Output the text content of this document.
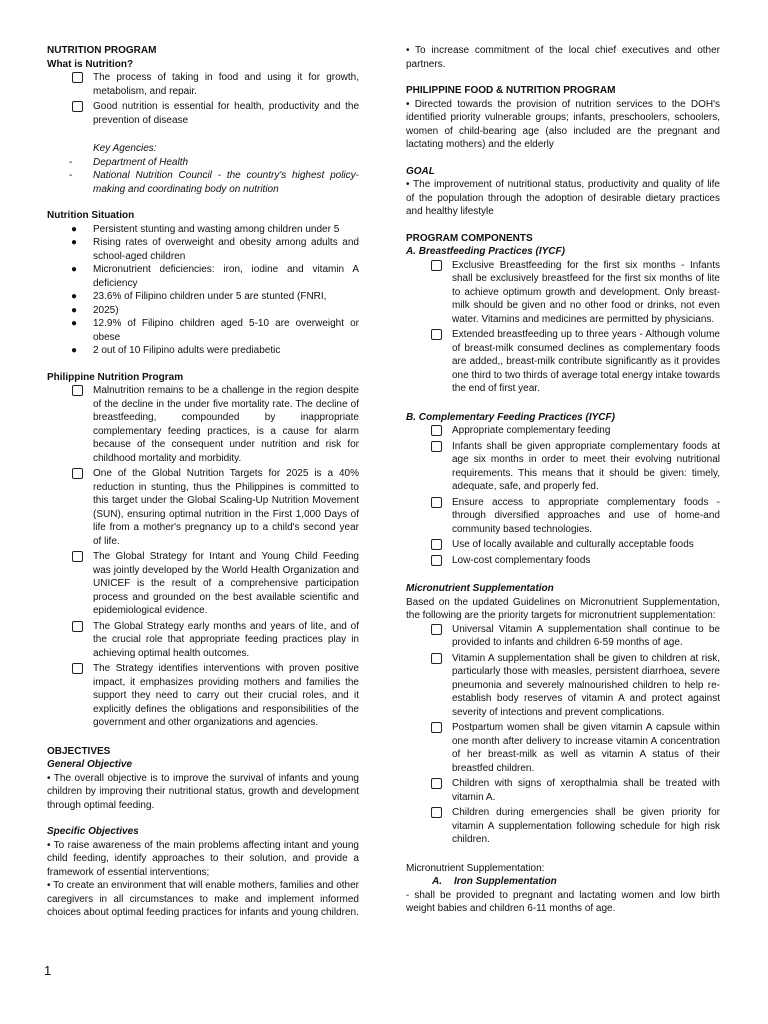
NUTRITION PROGRAM

What is Nutrition?

The process of taking in food and using it for growth, metabolism, and repair.
Good nutrition is essential for health, productivity and the prevention of disease

Key Agencies:

- Department of Health
- National Nutrition Council - the country's highest policy-making and coordinating body on nutrition

Nutrition Situation

● Persistent stunting and wasting among children under 5
● Rising rates of overweight and obesity among adults and school-aged children
● Micronutrient deficiencies: iron, iodine and vitamin A deficiency
● 23.6% of Filipino children under 5 are stunted (FNRI,
● 2025)
● 12.9% of Filipino children aged 5-10 are overweight or obese
● 2 out of 10 Filipino adults were prediabetic

Philippine Nutrition Program

Malnutrition remains to be a challenge in the region despite of the decline in the under five mortality rate. The decline of breastfeeding, compounded by inappropriate complementary feeding practices, is a cause for alarm because of the consequent under nutrition and risk for childhood mortality and morbidity.
One of the Global Nutrition Targets for 2025 is a 40% reduction in stunting, thus the Philippines is committed to this target under the Global Scaling-Up Nutrition Movement (SUN), ensuring optimal nutrition in the First 1,000 Days of life from a mother's pregnancy up to a child's second year of life.
The Global Strategy for Intant and Young Child Feeding was jointly developed by the World Health Organization and UNICEF is the result of a comprehensive participation process and grounded on the best available scientific and epidemiological evidence.
The Global Strategy early months and years of lite, and of the crucial role that appropriate feeding practices play in achieving optimal health outcomes.
The Strategy identifies interventions with proven positive impact, it emphasizes providing mothers and families the support they need to carry out their crucial roles, and it explicitly defines the obligations and responsibilities of the government and other organizations and agencies.

OBJECTIVES

General Objective

• The overall objective is to improve the survival of infants and young children by improving their nutritional status, growth and development through optimal feeding.

Specific Objectives

• To raise awareness of the main problems affecting intant and young child feeding, identify approaches to their solution, and provide a framework of essential interventions;

• To create an environment that will enable mothers, families and other caregivers in all circumstances to make and implement informed choices about optimal feeding practices for infants and young children.

• To increase commitment of the local chief executives and other partners.

PHILIPPINE FOOD & NUTRITION PROGRAM

• Directed towards the provision of nutrition services to the DOH's identified priority vulnerable groups; infants, preschoolers, schoolers, women of child-bearing age (also included are the pregnant and lactating mothers) and the elderly

GOAL

• The improvement of nutritional status, productivity and quality of life of the population through the adoption of desirable dietary practices and healthy lifestyle

PROGRAM COMPONENTS

A. Breastfeeding Practices (IYCF)

Exclusive Breastfeeding for the first six months - Infants shall be exclusively breastfeed for the first six months of lite to achieve optimum growth and development. Only breast-milk should be given and no other food or drinks, not even water. Vitamins and medicines are permitted by physicians.
Extended breastfeeding up to three years - Although volume of breast-milk consumed declines as complementary foods are added,, breast-milk contribute significantly as it provides one third to two thirds of average total energy intake towards the end of first year.

B. Complementary Feeding Practices (IYCF)

Appropriate complementary feeding
Infants shall be given appropriate complementary foods at age six months in order to meet their evolving nutritional requirements. This means that it should be given: timely, adequate, safe, and properly fed.
Ensure access to appropriate complementary foods - through diversified approaches and use of home-and community based technologies.
Use of locally available and culturally acceptable foods
Low-cost complementary foods

Micronutrient Supplementation

Based on the updated Guidelines on Micronutrient Supplementation, the following are the priority targets for micronutrient supplementation:

Universal Vitamin A supplementation shall continue to be provided to infants and children 6-59 months of age.
Vitamin A supplementation shall be given to children at risk, particularly those with measles, persistent diarrhoea, severe pneumonia and severely malnourished children to help re-establish body reserves of vitamin A and protect against severity of intections and prevent complications.
Postpartum women shall be given vitamin A capsule within one month after delivery to increase vitamin A concentration of her breast-milk as well as vitamin A status of their breastfed children.
Children with signs of xeropthalmia shall be treated with vitamin A.
Children during emergencies shall be given priority for vitamin A supplementation following schedule for high risk children.

Micronutrient Supplementation:

A. Iron Supplementation

- shall be provided to pregnant and lactating women and low birth weight babies and children 6-11 months of age.

1
